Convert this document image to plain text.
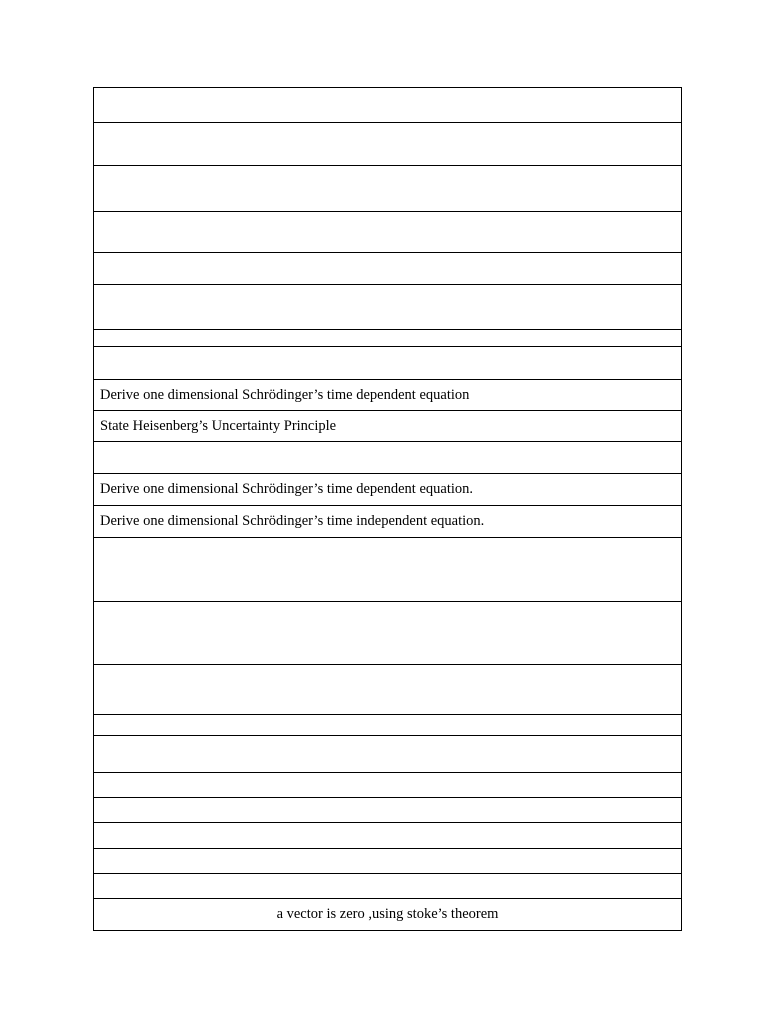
Derive one dimensional Schrödinger’s time dependent equation
State Heisenberg’s Uncertainty Principle

Derive one dimensional Schrödinger’s time dependent equation.
Derive one dimensional Schrödinger’s time independent equation.

a vector is zero ,using stoke’s theorem
